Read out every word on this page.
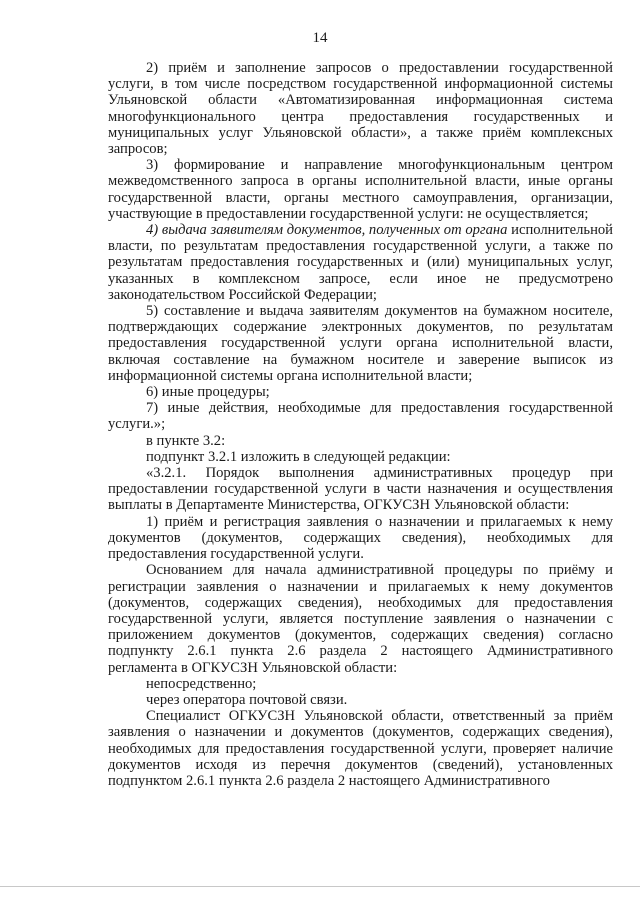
14

2) приём и заполнение запросов о предоставлении государственной услуги, в том числе посредством государственной информационной системы Ульяновской области «Автоматизированная информационная система многофункционального центра предоставления государственных и муниципальных услуг Ульяновской области», а также приём комплексных запросов;

3) формирование и направление многофункциональным центром межведомственного запроса в органы исполнительной власти, иные органы государственной власти, органы местного самоуправления, организации, участвующие в предоставлении государственной услуги: не осуществляется;

4) выдача заявителям документов, полученных от органа исполнительной власти, по результатам предоставления государственной услуги, а также по результатам предоставления государственных и (или) муниципальных услуг, указанных в комплексном запросе, если иное не предусмотрено законодательством Российской Федерации;

5) составление и выдача заявителям документов на бумажном носителе, подтверждающих содержание электронных документов, по результатам предоставления государственной услуги органа исполнительной власти, включая составление на бумажном носителе и заверение выписок из информационной системы органа исполнительной власти;

6) иные процедуры;

7) иные действия, необходимые для предоставления государственной услуги.»;

в пункте 3.2:

подпункт 3.2.1 изложить в следующей редакции:

«3.2.1. Порядок выполнения административных процедур при предоставлении государственной услуги в части назначения и осуществления выплаты в Департаменте Министерства, ОГКУСЗН Ульяновской области:

1) приём и регистрация заявления о назначении и прилагаемых к нему документов (документов, содержащих сведения), необходимых для предоставления государственной услуги.

Основанием для начала административной процедуры по приёму и регистрации заявления о назначении и прилагаемых к нему документов (документов, содержащих сведения), необходимых для предоставления государственной услуги, является поступление заявления о назначении с приложением документов (документов, содержащих сведения) согласно подпункту 2.6.1 пункта 2.6 раздела 2 настоящего Административного регламента в ОГКУСЗН Ульяновской области:

непосредственно;

через оператора почтовой связи.

Специалист ОГКУСЗН Ульяновской области, ответственный за приём заявления о назначении и документов (документов, содержащих сведения), необходимых для предоставления государственной услуги, проверяет наличие документов исходя из перечня документов (сведений), установленных подпунктом 2.6.1 пункта 2.6 раздела 2 настоящего Административного
